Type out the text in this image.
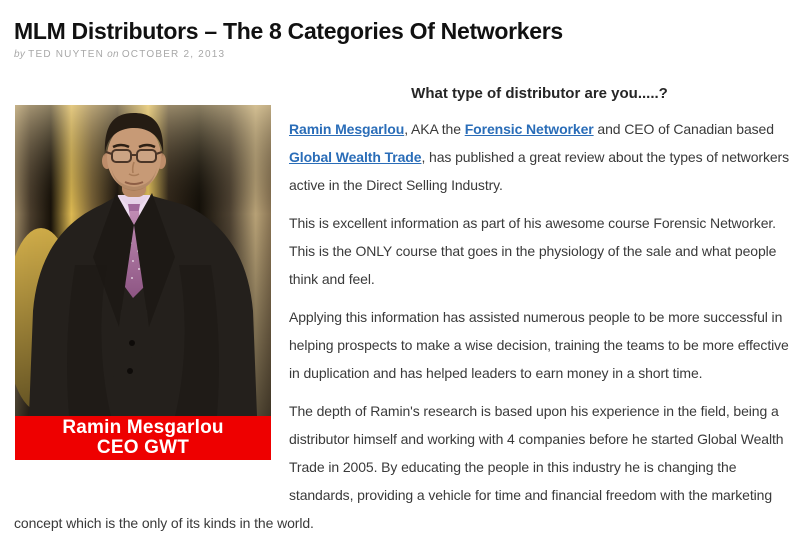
MLM Distributors – The 8 Categories Of Networkers
by TED NUYTEN on OCTOBER 2, 2013
Ramin Mesgarlou
CEO GWT

What type of distributor are you.....?

Ramin Mesgarlou, AKA the Forensic Networker and CEO of Canadian based Global Wealth Trade, has published a great review about the types of networkers active in the Direct Selling Industry.

This is excellent information as part of his awesome course Forensic Networker. This is the ONLY course that goes in the physiology of the sale and what people think and feel.

Applying this information has assisted numerous people to be more successful in helping prospects to make a wise decision, training the teams to be more effective in duplication and has helped leaders to earn money in a short time.

The depth of Ramin's research is based upon his experience in the field, being a distributor himself and working with 4 companies before he started Global Wealth Trade in 2005. By educating the people in this industry he is changing the standards, providing a vehicle for time and financial freedom with the marketing concept which is the only of its kinds in the world.
